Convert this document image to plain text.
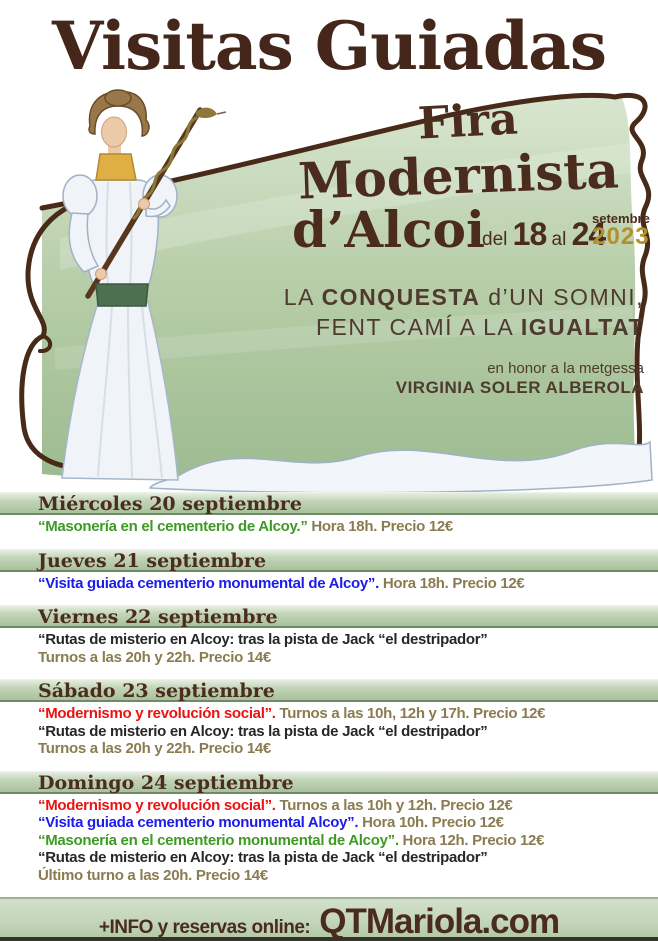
Visitas Guiadas
Fira
Modernista
d’Alcoi
del 18 al 24
setembre
2023
LA CONQUESTA d’UN SOMNI,
FENT CAMÍ A LA IGUALTAT
en honor a la metgessa
VIRGINIA SOLER ALBEROLA
Miércoles 20 septiembre

“Masonería en el cementerio de Alcoy.” Hora 18h. Precio 12€

Jueves 21 septiembre

“Visita guiada cementerio monumental de Alcoy”. Hora 18h. Precio 12€

Viernes 22 septiembre

“Rutas de misterio en Alcoy: tras la pista de Jack “el destripador”

Turnos a las 20h y 22h. Precio 14€

Sábado 23 septiembre

“Modernismo y revolución social”. Turnos a las 10h, 12h y 17h. Precio 12€

“Rutas de misterio en Alcoy: tras la pista de Jack “el destripador”

Turnos a las 20h y 22h. Precio 14€

Domingo 24 septiembre

“Modernismo y revolución social”. Turnos a las 10h y 12h. Precio 12€

“Visita guiada cementerio monumental Alcoy”. Hora 10h. Precio 12€

“Masonería en el cementerio monumental de Alcoy”. Hora 12h. Precio 12€

“Rutas de misterio en Alcoy: tras la pista de Jack “el destripador”

Último turno a las 20h. Precio 14€

+INFO y reservas online: QTMariola.com
